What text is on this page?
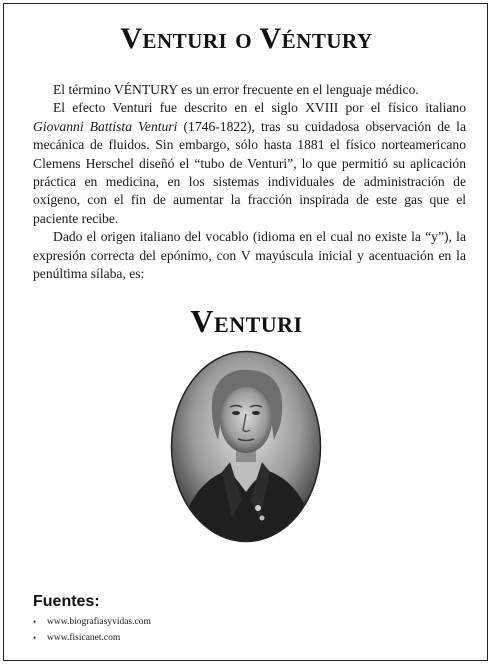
Venturi o Véntury

El término VÉNTURY es un error frecuente en el lenguaje médico.

El efecto Venturi fue descrito en el siglo XVIII por el físico italiano Giovanni Battista Venturi (1746-1822), tras su cuidadosa observación de la mecánica de fluidos. Sin embargo, sólo hasta 1881 el físico norteamericano Clemens Herschel diseñó el “tubo de Venturi”, lo que permitió su aplicación práctica en medicina, en los sistemas individuales de administración de oxígeno, con el fin de aumentar la fracción inspirada de este gas que el paciente recibe.

Dado el origen italiano del vocablo (idioma en el cual no existe la “y”), la expresión correcta del epónimo, con V mayúscula inicial y acentuación en la penúltima sílaba, es:

Venturi
Fuentes:
•	www.biografiasyvidas.com
•	www.fisicanet.com
